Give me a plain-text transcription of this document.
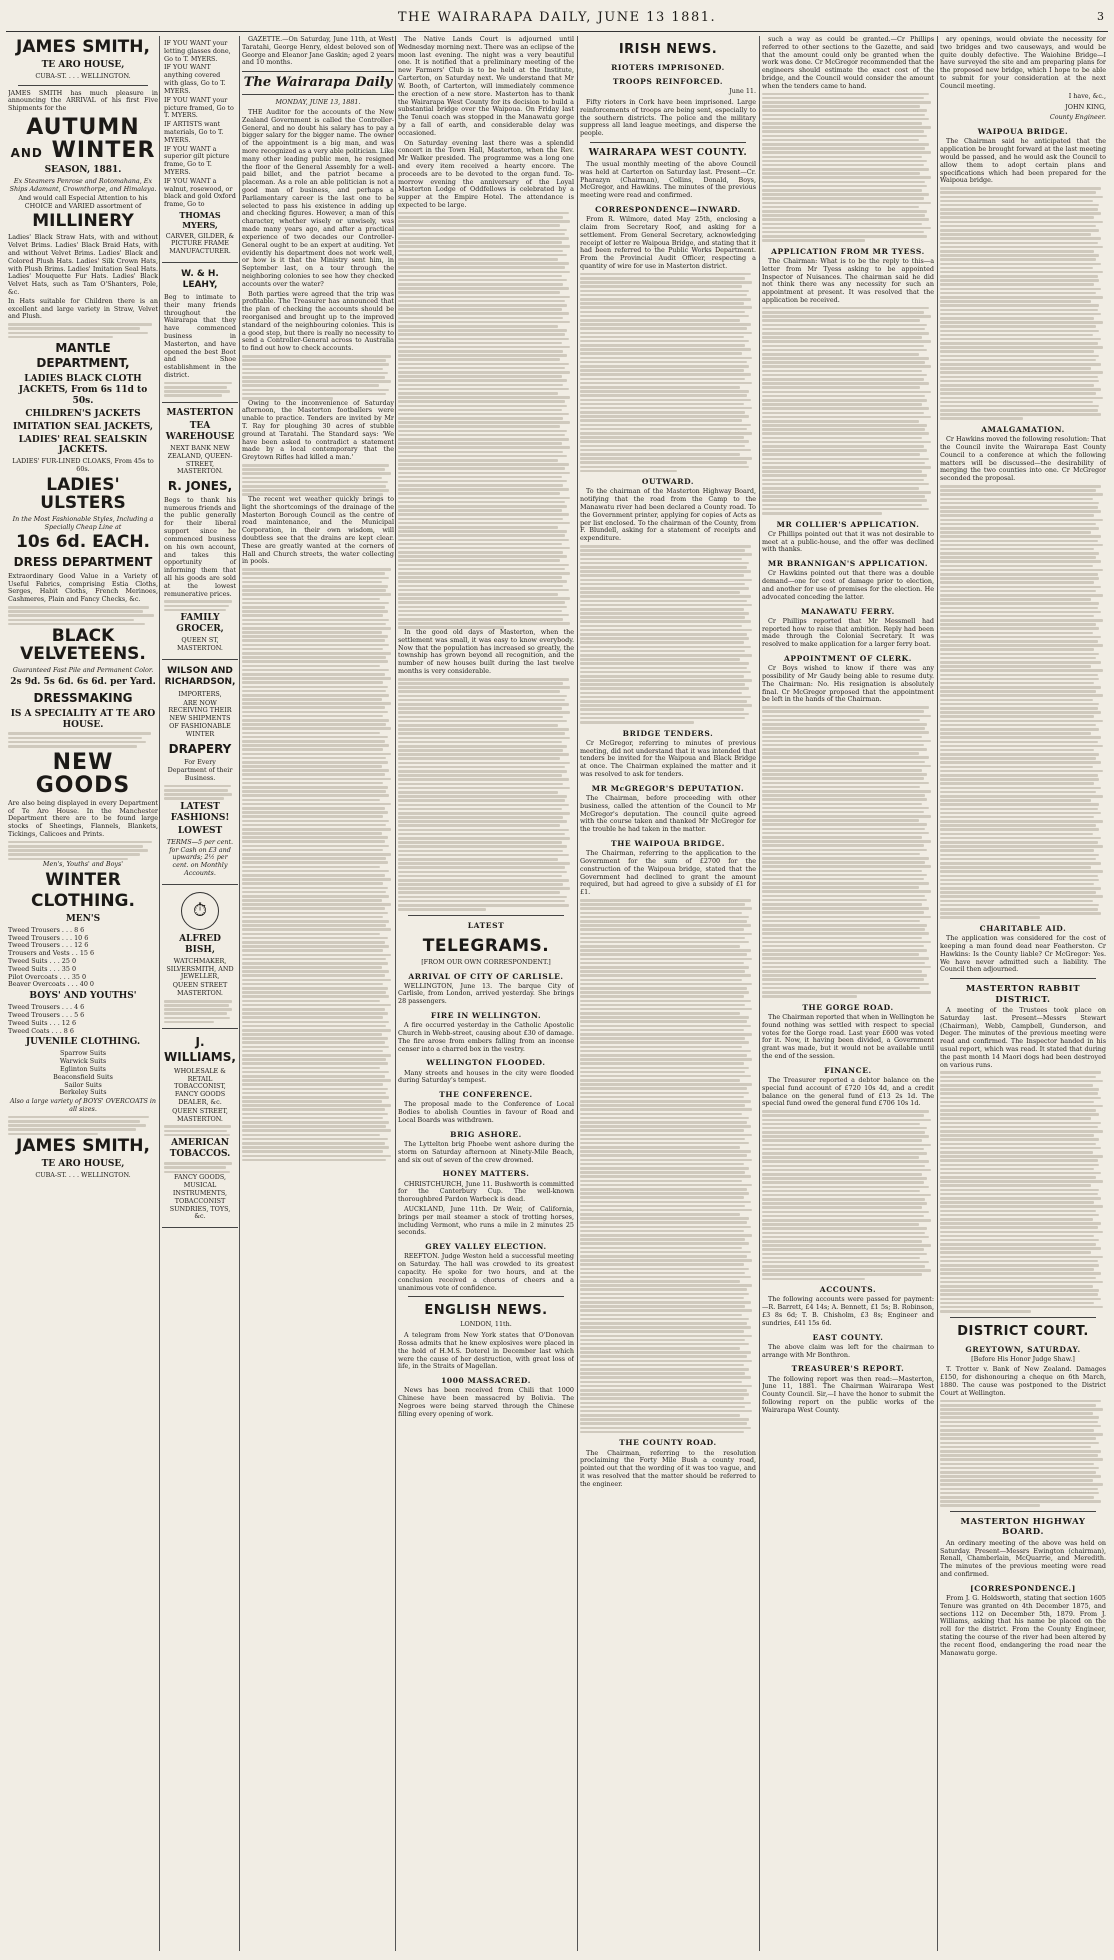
THE WAIRARAPA DAILY, JUNE 13 1881.	3
JAMES SMITH,
TE ARO HOUSE,
CUBA-ST. . . . WELLINGTON.
JAMES SMITH has much pleasure in announcing the ARRIVAL of his first Five Shipments for the
AUTUMN AND WINTER
SEASON, 1881.
Ex Steamers Penrose and Rotomahana, Ex Ships Adamant, Crownthorpe, and Himalaya.
And would call Especial Attention to his CHOICE and VARIED assortment of
MILLINERY
Ladies' Black Straw Hats, with and without Velvet Brims. Ladies' Black Braid Hats, with and without Velvet Brims. Ladies' Black and Colored Plush Hats. Ladies' Silk Crown Hats, with Plush Brims. Ladies' Imitation Seal Hats. Ladies' Mouquette Fur Hats. Ladies' Black Velvet Hats, such as Tam O'Shanters, Pole, &c.
In Hats suitable for Children there is an excellent and large variety in Straw, Velvet and Plush.
MANTLE DEPARTMENT,
LADIES BLACK CLOTH JACKETS, From 6s 11d to 50s.
CHILDREN'S JACKETS
IMITATION SEAL JACKETS,
LADIES' REAL SEALSKIN JACKETS.
LADIES' FUR-LINED CLOAKS, From 45s to 60s.
LADIES' ULSTERS
In the Most Fashionable Styles, Including a Specially Cheap Line at
10s 6d. EACH.
DRESS DEPARTMENT
Extraordinary Good Value in a Variety of Useful Fabrics, comprising Estia Cloths, Serges, Habit Cloths, French Merinoes, Cashmeres, Plain and Fancy Checks, &c.
BLACK VELVETEENS.
Guaranteed Fast Pile and Permanent Color.
2s 9d. 5s 6d. 6s 6d. per Yard.
DRESSMAKING
IS A SPECIALITY AT TE ARO HOUSE.
NEW GOODS
Are also being displayed in every Department of Te Aro House. In the Manchester Department there are to be found large stocks of Sheetings, Flannels, Blankets, Tickings, Calicoes and Prints.
Men's, Youths' and Boys'
WINTER
CLOTHING.
MEN'S
Tweed Trousers . . . 8 6
Tweed Trousers . . . 10 6
Tweed Trousers . . . 12 6
Trousers and Vests . . 15 6
Tweed Suits . . . 25 0
Tweed Suits . . . 35 0
Pilot Overcoats . . . 35 0
Beaver Overcoats . . . 40 0
BOYS' AND YOUTHS'
Tweed Trousers . . . 4 6
Tweed Trousers . . . 5 6
Tweed Suits . . . 12 6
Tweed Coats . . . 8 6
JUVENILE CLOTHING.
Sparrow Suits
Warwick Suits
Eglinton Suits
Beaconsfield Suits
Sailor Suits
Berkeley Suits
Also a large variety of BOYS' OVERCOATS in all sizes.
JAMES SMITH,
TE ARO HOUSE,
CUBA-ST. . . . WELLINGTON.
IF YOU WANT your letting glasses done, Go to T. MYERS.
IF YOU WANT anything covered with glass, Go to T. MYERS.
IF YOU WANT your picture framed, Go to T. MYERS.
IF ARTISTS want materials, Go to T. MYERS.
IF YOU WANT a superior gilt picture frame, Go to T. MYERS.
IF YOU WANT a walnut, rosewood, or black and gold Oxford frame, Go to
THOMAS MYERS,
CARVER, GILDER, & PICTURE FRAME MANUFACTURER.
W. & H. LEAHY,
Beg to intimate to their many friends throughout the Wairarapa that they have commenced business in Masterton, and have opened the best Boot and Shoe establishment in the district.
MASTERTON
TEA WAREHOUSE
NEXT BANK NEW ZEALAND, QUEEN-STREET, MASTERTON.
R. JONES,
Begs to thank his numerous friends and the public generally for their liberal support since he commenced business on his own account, and takes this opportunity of informing them that all his goods are sold at the lowest remunerative prices.
FAMILY GROCER,
QUEEN ST, MASTERTON.
WILSON AND RICHARDSON,
IMPORTERS,
ARE NOW RECEIVING THEIR NEW SHIPMENTS OF FASHIONABLE WINTER
DRAPERY
For Every Department of their Business.
LATEST FASHIONS!
LOWEST
TERMS—5 per cent. for Cash on £3 and upwards; 2½ per cent. on Monthly Accounts.
⏱
ALFRED BISH,
WATCHMAKER, SILVERSMITH, AND JEWELLER,
QUEEN STREET MASTERTON.
J. WILLIAMS,
WHOLESALE & RETAIL TOBACCONIST, FANCY GOODS DEALER, &c.
QUEEN STREET, MASTERTON.
AMERICAN TOBACCOS.
FANCY GOODS, MUSICAL INSTRUMENTS, TOBACCONIST SUNDRIES, TOYS, &c.

GAZETTE.—On Saturday, June 11th, at West Taratahi, George Henry, eldest beloved son of George and Eleanor Jane Gaskin; aged 2 years and 10 months.

The Wairarapa Daily
MONDAY, JUNE 13, 1881.

THE Auditor for the accounts of the New Zealand Government is called the Controller-General, and no doubt his salary has to pay a bigger salary for the bigger name. The owner of the appointment is a big man, and was more recognized as a very able politician. Like many other leading public men, he resigned the floor of the General Assembly for a well-paid billet, and the patriot became a placeman. As a role an able politician is not a good man of business, and perhaps a Parliamentary career is the last one to be selected to pass his existence in adding up and checking figures. However, a man of this character, whether wisely or unwisely, was made many years ago, and after a practical experience of two decades our Controller-General ought to be an expert at auditing. Yet evidently his department does not work well, or how is it that the Ministry sent him, in September last, on a tour through the neighboring colonies to see how they checked accounts over the water?

Both parties were agreed that the trip was profitable. The Treasurer has announced that the plan of checking the accounts should be reorganised and brought up to the improved standard of the neighbouring colonies. This is a good step, but there is really no necessity to send a Controller-General across to Australia to find out how to check accounts.

Owing to the inconvenience of Saturday afternoon, the Masterton footballers were unable to practice. Tenders are invited by Mr T. Ray for ploughing 30 acres of stubble ground at Taratahi. The Standard says: 'We have been asked to contradict a statement made by a local contemporary that the Greytown Rifles had killed a man.'

The recent wet weather quickly brings to light the shortcomings of the drainage of the Masterton Borough Council as the centre of road maintenance, and the Municipal Corporation, in their own wisdom, will doubtless see that the drains are kept clear. These are greatly wanted at the corners of Hall and Church streets, the water collecting in pools.

The Native Lands Court is adjourned until Wednesday morning next. There was an eclipse of the moon last evening. The night was a very beautiful one. It is notified that a preliminary meeting of the new Farmers' Club is to be held at the Institute, Carterton, on Saturday next. We understand that Mr W. Booth, of Carterton, will immediately commence the erection of a new store. Masterton has to thank the Wairarapa West County for its decision to build a substantial bridge over the Waipoua. On Friday last the Tenui coach was stopped in the Manawatu gorge by a fall of earth, and considerable delay was occasioned.

On Saturday evening last there was a splendid concert in the Town Hall, Masterton, when the Rev. Mr Walker presided. The programme was a long one and every item received a hearty encore. The proceeds are to be devoted to the organ fund. To-morrow evening the anniversary of the Loyal Masterton Lodge of Oddfellows is celebrated by a supper at the Empire Hotel. The attendance is expected to be large.

In the good old days of Masterton, when the settlement was small, it was easy to know everybody. Now that the population has increased so greatly, the township has grown beyond all recognition, and the number of new houses built during the last twelve months is very considerable.

LATEST
TELEGRAMS.
[FROM OUR OWN CORRESPONDENT.]
ARRIVAL OF CITY OF CARLISLE.

WELLINGTON, June 13. The barque City of Carlisle, from London, arrived yesterday. She brings 28 passengers.

FIRE IN WELLINGTON.

A fire occurred yesterday in the Catholic Apostolic Church in Webb-street, causing about £30 of damage. The fire arose from embers falling from an incense censer into a charred box in the vestry.

WELLINGTON FLOODED.

Many streets and houses in the city were flooded during Saturday's tempest.

THE CONFERENCE.

The proposal made to the Conference of Local Bodies to abolish Counties in favour of Road and Local Boards was withdrawn.

BRIG ASHORE.

The Lyttelton brig Phoebe went ashore during the storm on Saturday afternoon at Ninety-Mile Beach, and six out of seven of the crew drowned.

HONEY MATTERS.

CHRISTCHURCH, June 11. Bushworth is committed for the Canterbury Cup. The well-known thoroughbred Pardon Warbeck is dead.

AUCKLAND, June 11th. Dr Weir, of California, brings per mail steamer a stock of trotting horses, including Vermont, who runs a mile in 2 minutes 25 seconds.

GREY VALLEY ELECTION.

REEFTON. Judge Weston held a successful meeting on Saturday. The hall was crowded to its greatest capacity. He spoke for two hours, and at the conclusion received a chorus of cheers and a unanimous vote of confidence.

ENGLISH NEWS.
LONDON, 11th.

A telegram from New York states that O'Donovan Rossa admits that he knew explosives were placed in the hold of H.M.S. Doterel in December last which were the cause of her destruction, with great loss of life, in the Straits of Magellan.

1000 MASSACRED.

News has been received from Chili that 1000 Chinese have been massacred by Bolivia. The Negroes were being starved through the Chinese filling every opening of work.

IRISH NEWS.
RIOTERS IMPRISONED.
TROOPS REINFORCED.
June 11.

Fifty rioters in Cork have been imprisoned. Large reinforcements of troops are being sent, especially to the southern districts. The police and the military suppress all land league meetings, and disperse the people.

WAIRARAPA WEST COUNTY.

The usual monthly meeting of the above Council was held at Carterton on Saturday last. Present—Cr. Pharazyn (Chairman), Collins, Donald, Boys, McGregor, and Hawkins. The minutes of the previous meeting were read and confirmed.

CORRESPONDENCE—INWARD.

From R. Wilmore, dated May 25th, enclosing a claim from Secretary Roof, and asking for a settlement. From General Secretary, acknowledging receipt of letter re Waipoua Bridge, and stating that it had been referred to the Public Works Department. From the Provincial Audit Officer, respecting a quantity of wire for use in Masterton district.

OUTWARD.

To the chairman of the Masterton Highway Board, notifying that the road from the Camp to the Manawatu river had been declared a County road. To the Government printer, applying for copies of Acts as per list enclosed. To the chairman of the County, from F. Blundell, asking for a statement of receipts and expenditure.

BRIDGE TENDERS.

Cr McGregor, referring to minutes of previous meeting, did not understand that it was intended that tenders be invited for the Waipoua and Black Bridge at once. The Chairman explained the matter and it was resolved to ask for tenders.

MR McGREGOR'S DEPUTATION.

The Chairman, before proceeding with other business, called the attention of the Council to Mr McGregor's deputation. The council quite agreed with the course taken and thanked Mr McGregor for the trouble he had taken in the matter.

THE WAIPOUA BRIDGE.

The Chairman, referring to the application to the Government for the sum of £2700 for the construction of the Waipoua bridge, stated that the Government had declined to grant the amount required, but had agreed to give a subsidy of £1 for £1.

THE COUNTY ROAD.

The Chairman, referring to the resolution proclaiming the Forty Mile Bush a county road, pointed out that the wording of it was too vague, and it was resolved that the matter should be referred to the engineer.

such a way as could be granted.—Cr Phillips referred to other sections to the Gazette, and said that the amount could only be granted when the work was done. Cr McGregor recommended that the engineers should estimate the exact cost of the bridge, and the Council would consider the amount when the tenders came to hand.

APPLICATION FROM MR TYESS.

The Chairman: What is to be the reply to this—a letter from Mr Tyess asking to be appointed Inspector of Nuisances. The chairman said he did not think there was any necessity for such an appointment at present. It was resolved that the application be received.

MR COLLIER'S APPLICATION.

Cr Phillips pointed out that it was not desirable to meet at a public-house, and the offer was declined with thanks.

MR BRANNIGAN'S APPLICATION.

Cr Hawkins pointed out that there was a double demand—one for cost of damage prior to election, and another for use of premises for the election. He advocated conceding the latter.

MANAWATU FERRY.

Cr Phillips reported that Mr Messmell had reported how to raise that ambition. Reply had been made through the Colonial Secretary. It was resolved to make application for a larger ferry boat.

APPOINTMENT OF CLERK.

Cr Boys wished to know if there was any possibility of Mr Gaudy being able to resume duty. The Chairman: No. His resignation is absolutely final. Cr McGregor proposed that the appointment be left in the hands of the Chairman.

THE GORGE ROAD.

The Chairman reported that when in Wellington he found nothing was settled with respect to special votes for the Gorge road. Last year £600 was voted for it. Now, it having been divided, a Government grant was made, but it would not be available until the end of the session.

FINANCE.

The Treasurer reported a debtor balance on the special fund account of £720 10s 4d, and a credit balance on the general fund of £13 2s 1d. The special fund owed the general fund £706 10s 1d.

ACCOUNTS.

The following accounts were passed for payment:—R. Barrett, £4 14s; A. Bennett, £1 5s; B. Robinson, £3 8s 6d; T. B. Chisholm, £3 8s; Engineer and sundries, £41 15s 6d.

EAST COUNTY.

The above claim was left for the chairman to arrange with Mr Bonthron.

TREASURER'S REPORT.

The following report was then read:—Masterton, June 11, 1881. The Chairman Wairarapa West County Council. Sir,—I have the honor to submit the following report on the public works of the Wairarapa West County.

ary openings, would obviate the necessity for two bridges and two causeways, and would be quite doubly defective. The Waiohine Bridge—I have surveyed the site and am preparing plans for the proposed new bridge, which I hope to be able to submit for your consideration at the next Council meeting.

I have, &c.,
JOHN KING,
County Engineer.
WAIPOUA BRIDGE.

The Chairman said he anticipated that the application be brought forward at the last meeting would be passed, and he would ask the Council to allow them to adopt certain plans and specifications which had been prepared for the Waipoua bridge.

AMALGAMATION.

Cr Hawkins moved the following resolution: That the Council invite the Wairarapa East County Council to a conference at which the following matters will be discussed—the desirability of merging the two counties into one. Cr McGregor seconded the proposal.

CHARITABLE AID.

The application was considered for the cost of keeping a man found dead near Featherston. Cr Hawkins: Is the County liable? Cr McGregor: Yes. We have never admitted such a liability. The Council then adjourned.

MASTERTON RABBIT DISTRICT.

A meeting of the Trustees took place on Saturday last. Present—Messrs Stewart (Chairman), Webb, Campbell, Gunderson, and Deger. The minutes of the previous meeting were read and confirmed. The Inspector handed in his usual report, which was read. It stated that during the past month 14 Maori dogs had been destroyed on various runs.

DISTRICT COURT.
GREYTOWN, SATURDAY.
[Before His Honor Judge Shaw.]

T. Trotter v. Bank of New Zealand. Damages £150, for dishonouring a cheque on 6th March, 1880. The cause was postponed to the District Court at Wellington.

MASTERTON HIGHWAY BOARD.

An ordinary meeting of the above was held on Saturday. Present—Messrs Ewington (chairman), Renall, Chamberlain, McQuarrie, and Meredith. The minutes of the previous meeting were read and confirmed.

[CORRESPONDENCE.]

From J. G. Holdsworth, stating that section 1605 Tenure was granted on 4th December 1875, and sections 112 on December 5th, 1879. From J. Williams, asking that his name be placed on the roll for the district. From the County Engineer, stating the course of the river had been altered by the recent flood, endangering the road near the Manawatu gorge.
